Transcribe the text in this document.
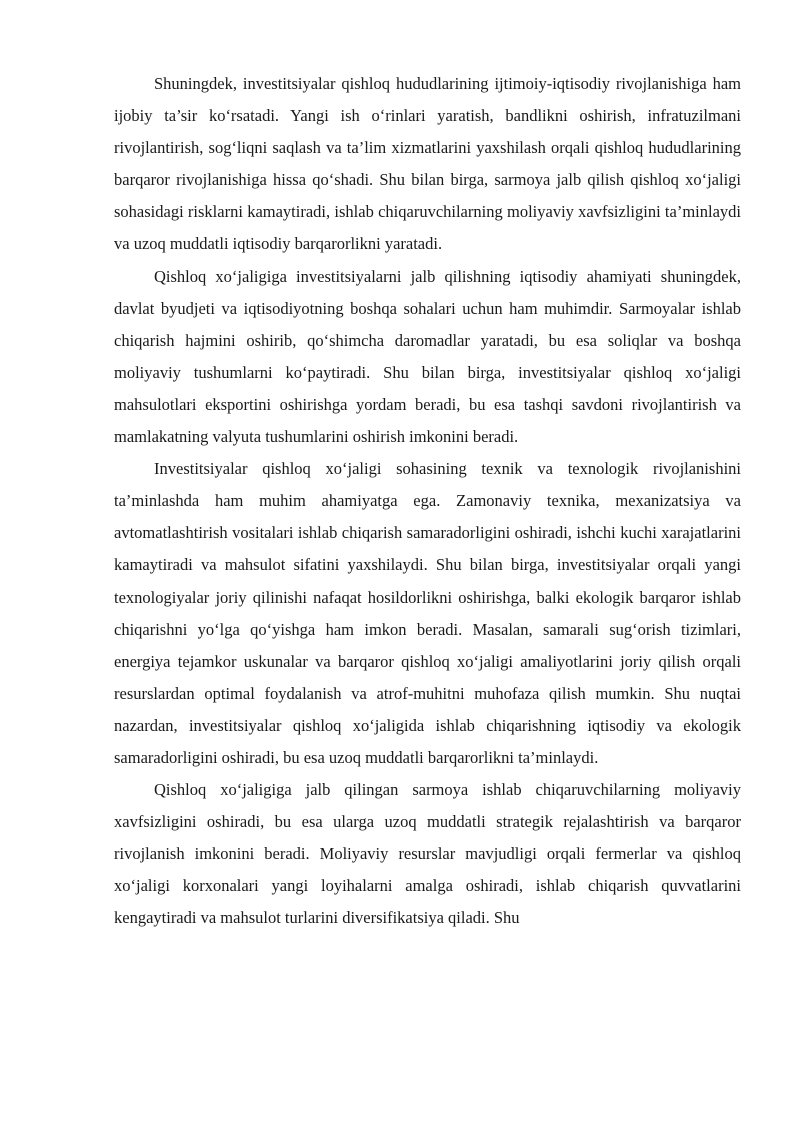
Shuningdek, investitsiyalar qishloq hududlarining ijtimoiy-iqtisodiy rivojlanishiga ham ijobiy ta’sir ko‘rsatadi. Yangi ish o‘rinlari yaratish, bandlikni oshirish, infratuzilmani rivojlantirish, sog‘liqni saqlash va ta’lim xizmatlarini yaxshilash orqali qishloq hududlarining barqaror rivojlanishiga hissa qo‘shadi. Shu bilan birga, sarmoya jalb qilish qishloq xo‘jaligi sohasidagi risklarni kamaytiradi, ishlab chiqaruvchilarning moliyaviy xavfsizligini ta’minlaydi va uzoq muddatli iqtisodiy barqarorlikni yaratadi.

Qishloq xo‘jaligiga investitsiyalarni jalb qilishning iqtisodiy ahamiyati shuningdek, davlat byudjeti va iqtisodiyotning boshqa sohalari uchun ham muhimdir. Sarmoyalar ishlab chiqarish hajmini oshirib, qo‘shimcha daromadlar yaratadi, bu esa soliqlar va boshqa moliyaviy tushumlarni ko‘paytiradi. Shu bilan birga, investitsiyalar qishloq xo‘jaligi mahsulotlari eksportini oshirishga yordam beradi, bu esa tashqi savdoni rivojlantirish va mamlakatning valyuta tushumlarini oshirish imkonini beradi.

Investitsiyalar qishloq xo‘jaligi sohasining texnik va texnologik rivojlanishini ta’minlashda ham muhim ahamiyatga ega. Zamonaviy texnika, mexanizatsiya va avtomatlashtirish vositalari ishlab chiqarish samaradorligini oshiradi, ishchi kuchi xarajatlarini kamaytiradi va mahsulot sifatini yaxshilaydi. Shu bilan birga, investitsiyalar orqali yangi texnologiyalar joriy qilinishi nafaqat hosildorlikni oshirishga, balki ekologik barqaror ishlab chiqarishni yo‘lga qo‘yishga ham imkon beradi. Masalan, samarali sug‘orish tizimlari, energiya tejamkor uskunalar va barqaror qishloq xo‘jaligi amaliyotlarini joriy qilish orqali resurslardan optimal foydalanish va atrof-muhitni muhofaza qilish mumkin. Shu nuqtai nazardan, investitsiyalar qishloq xo‘jaligida ishlab chiqarishning iqtisodiy va ekologik samaradorligini oshiradi, bu esa uzoq muddatli barqarorlikni ta’minlaydi.

Qishloq xo‘jaligiga jalb qilingan sarmoya ishlab chiqaruvchilarning moliyaviy xavfsizligini oshiradi, bu esa ularga uzoq muddatli strategik rejalashtirish va barqaror rivojlanish imkonini beradi. Moliyaviy resurslar mavjudligi orqali fermerlar va qishloq xo‘jaligi korxonalari yangi loyihalarni amalga oshiradi, ishlab chiqarish quvvatlarini kengaytiradi va mahsulot turlarini diversifikatsiya qiladi. Shu
